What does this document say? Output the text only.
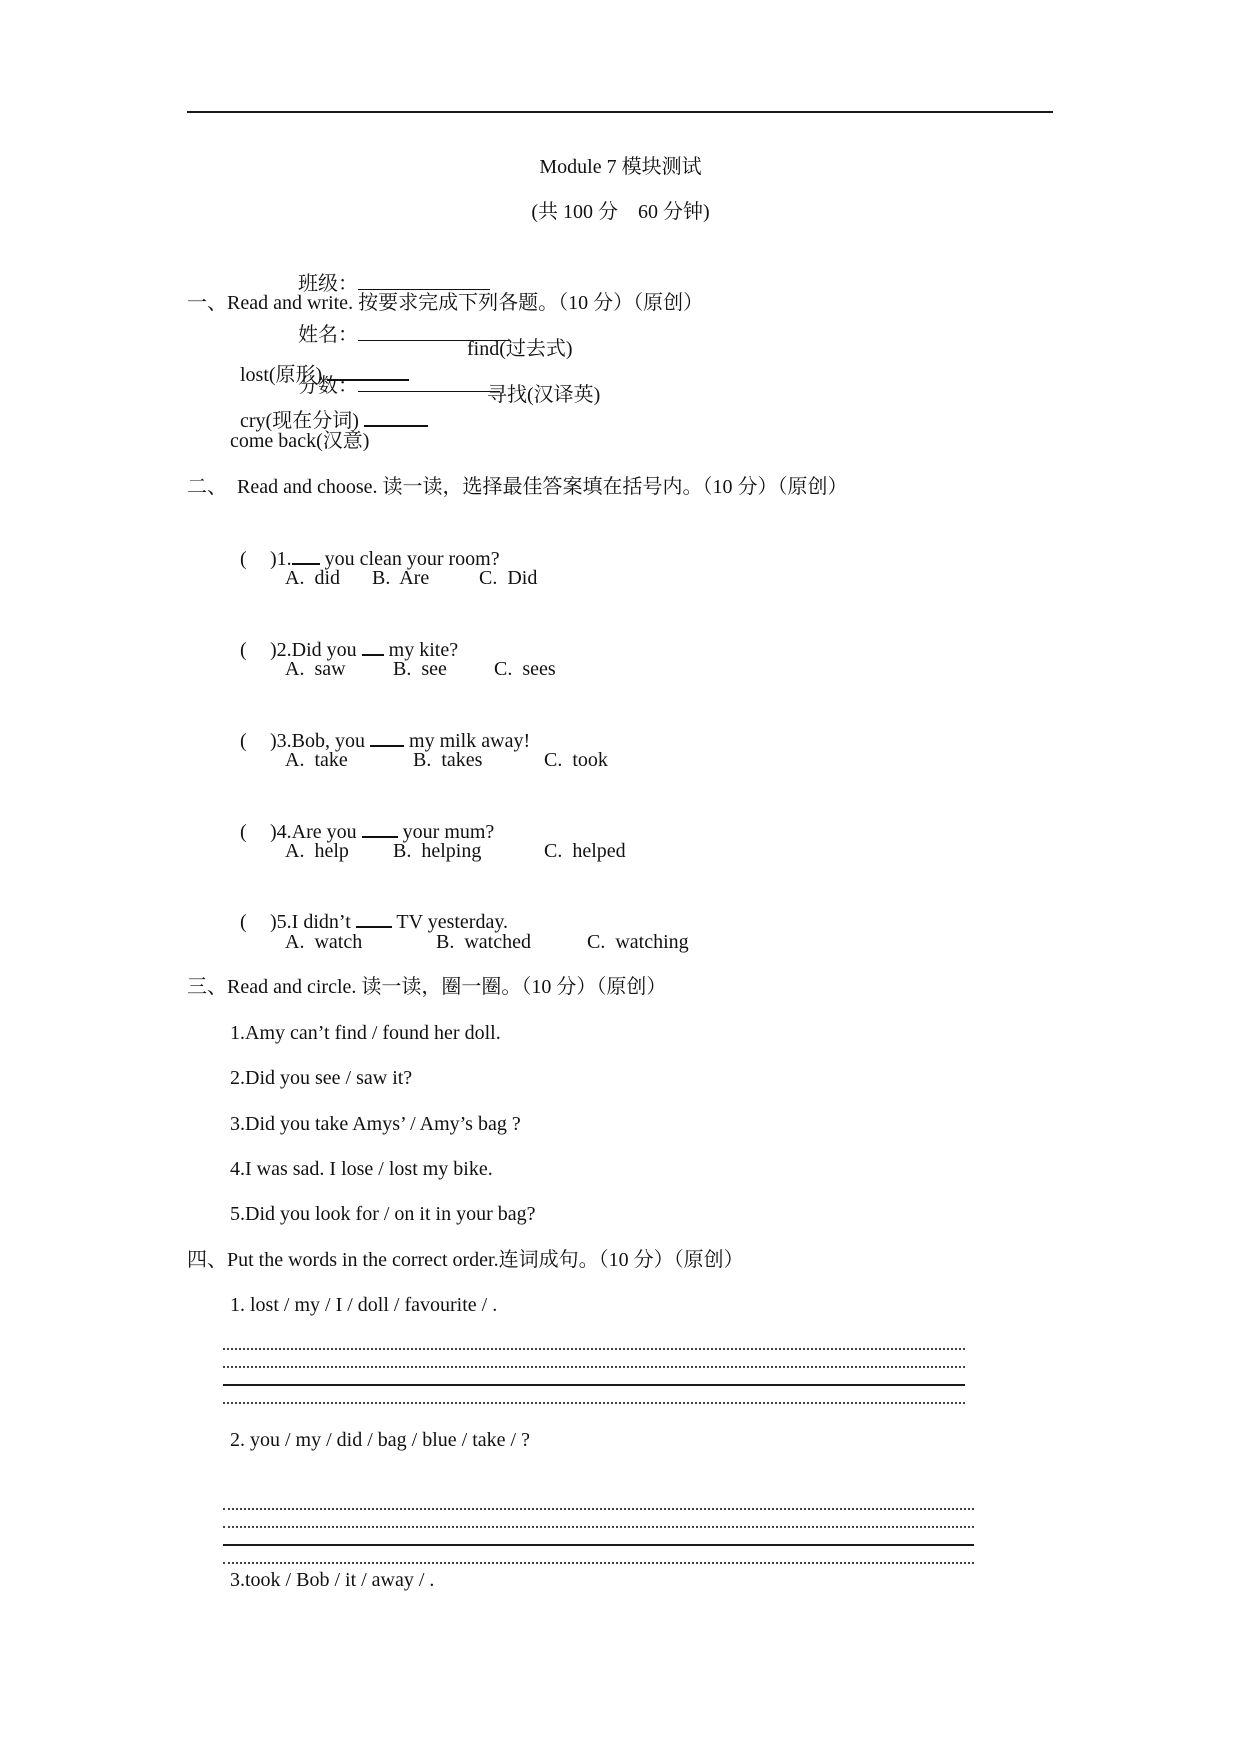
Module 7 模块测试
(共 100 分　60 分钟)

班级：

姓名：

分数：

一、Read and write. 按要求完成下列各题。（10 分）（原创）

lost(原形)

find(过去式)

cry(现在分词)

寻找(汉译英)
come back(汉意)
二、　Read and choose. 读一读，选择最佳答案填在括号内。（10 分）（原创）

( )1. you clean your room?

A.  did B.  Are C.  Did

( )2.Did you  my kite?

A.  saw B.  see C.  sees

( )3.Bob, you  my milk away!

A.  take	B.  takes	C.  took

( )4.Are you  your mum?

A.  help B.  helping	C.  helped

( )5.I didn’t  TV yesterday.

A.  watch	B.  watched	C.  watching
三、Read and circle. 读一读，圈一圈。（10 分）（原创）
1.Amy can’t find / found her doll.
2.Did you see / saw it?
3.Did you take Amys’ / Amy’s bag ?
4.I was sad. I lose / lost my bike.
5.Did you look for / on it in your bag?
四、Put the words in the correct order.连词成句。（10 分）（原创）
1. lost / my / I / doll / favourite / .
2. you / my / did / bag / blue / take / ?
3.took / Bob / it / away / .
